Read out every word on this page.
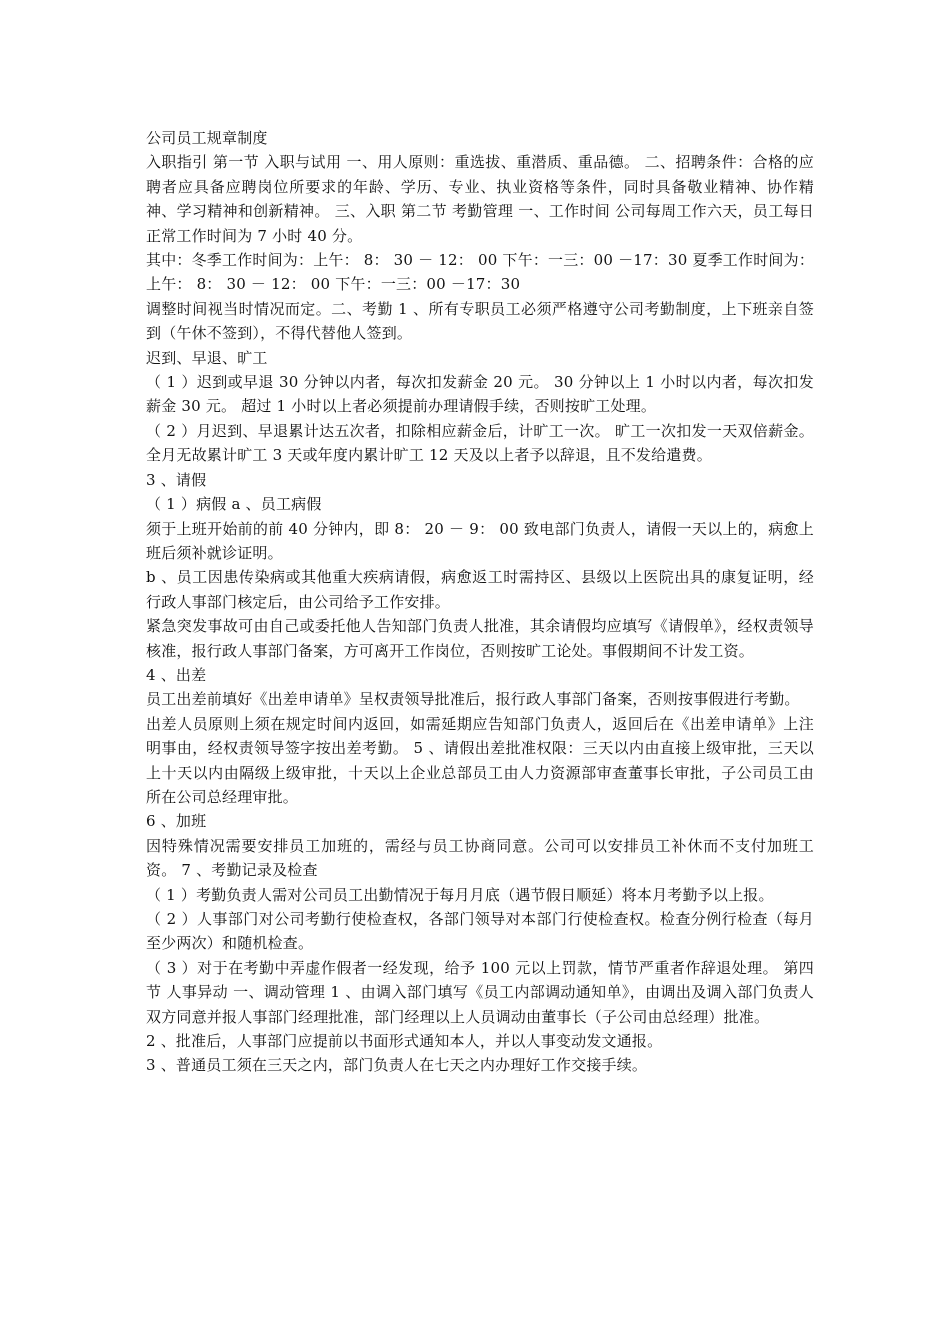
公司员工规章制度

入职指引 第一节 入职与试用 一、用人原则：重选拔、重潜质、重品德。 二、招聘条件：合格的应聘者应具备应聘岗位所要求的年龄、学历、专业、执业资格等条件，同时具备敬业精神、协作精神、学习精神和创新精神。 三、入职 第二节 考勤管理 一、工作时间 公司每周工作六天，员工每日正常工作时间为 7 小时 40 分。

其中：冬季工作时间为：上午： 8： 30 － 12： 00 下午：一三：00 －17：30 夏季工作时间为：上午： 8： 30 － 12： 00 下午：一三：00 －17：30

调整时间视当时情况而定。二、考勤 1 、所有专职员工必须严格遵守公司考勤制度，上下班亲自签到（午休不签到），不得代替他人签到。

迟到、早退、旷工

（ 1 ）迟到或早退 30 分钟以内者，每次扣发薪金 20 元。 30 分钟以上 1 小时以内者，每次扣发薪金 30 元。 超过 1 小时以上者必须提前办理请假手续，否则按旷工处理。

（ 2 ）月迟到、早退累计达五次者，扣除相应薪金后，计旷工一次。 旷工一次扣发一天双倍薪金。 全月无故累计旷工 3 天或年度内累计旷工 12 天及以上者予以辞退，且不发给遣费。

3 、请假

（ 1 ）病假 a 、员工病假

须于上班开始前的前 40 分钟内，即 8： 20 － 9： 00 致电部门负责人，请假一天以上的，病愈上班后须补就诊证明。

b 、员工因患传染病或其他重大疾病请假，病愈返工时需持区、县级以上医院出具的康复证明，经行政人事部门核定后，由公司给予工作安排。

紧急突发事故可由自己或委托他人告知部门负责人批准，其余请假均应填写《请假单》，经权责领导核准，报行政人事部门备案，方可离开工作岗位，否则按旷工论处。事假期间不计发工资。

4 、出差

员工出差前填好《出差申请单》呈权责领导批准后，报行政人事部门备案，否则按事假进行考勤。

出差人员原则上须在规定时间内返回，如需延期应告知部门负责人，返回后在《出差申请单》上注明事由，经权责领导签字按出差考勤。 5 、请假出差批准权限：三天以内由直接上级审批，三天以上十天以内由隔级上级审批，十天以上企业总部员工由人力资源部审查董事长审批，子公司员工由所在公司总经理审批。

6 、加班

因特殊情况需要安排员工加班的，需经与员工协商同意。公司可以安排员工补休而不支付加班工资。 7 、考勤记录及检查

（ 1 ）考勤负责人需对公司员工出勤情况于每月月底（遇节假日顺延）将本月考勤予以上报。

（ 2 ）人事部门对公司考勤行使检查权，各部门领导对本部门行使检查权。检查分例行检查（每月至少两次）和随机检查。

（ 3 ）对于在考勤中弄虚作假者一经发现，给予 100 元以上罚款，情节严重者作辞退处理。 第四节 人事异动 一、调动管理 1 、由调入部门填写《员工内部调动通知单》，由调出及调入部门负责人双方同意并报人事部门经理批准，部门经理以上人员调动由董事长（子公司由总经理）批准。

2 、批准后，人事部门应提前以书面形式通知本人，并以人事变动发文通报。

3 、普通员工须在三天之内，部门负责人在七天之内办理好工作交接手续。
